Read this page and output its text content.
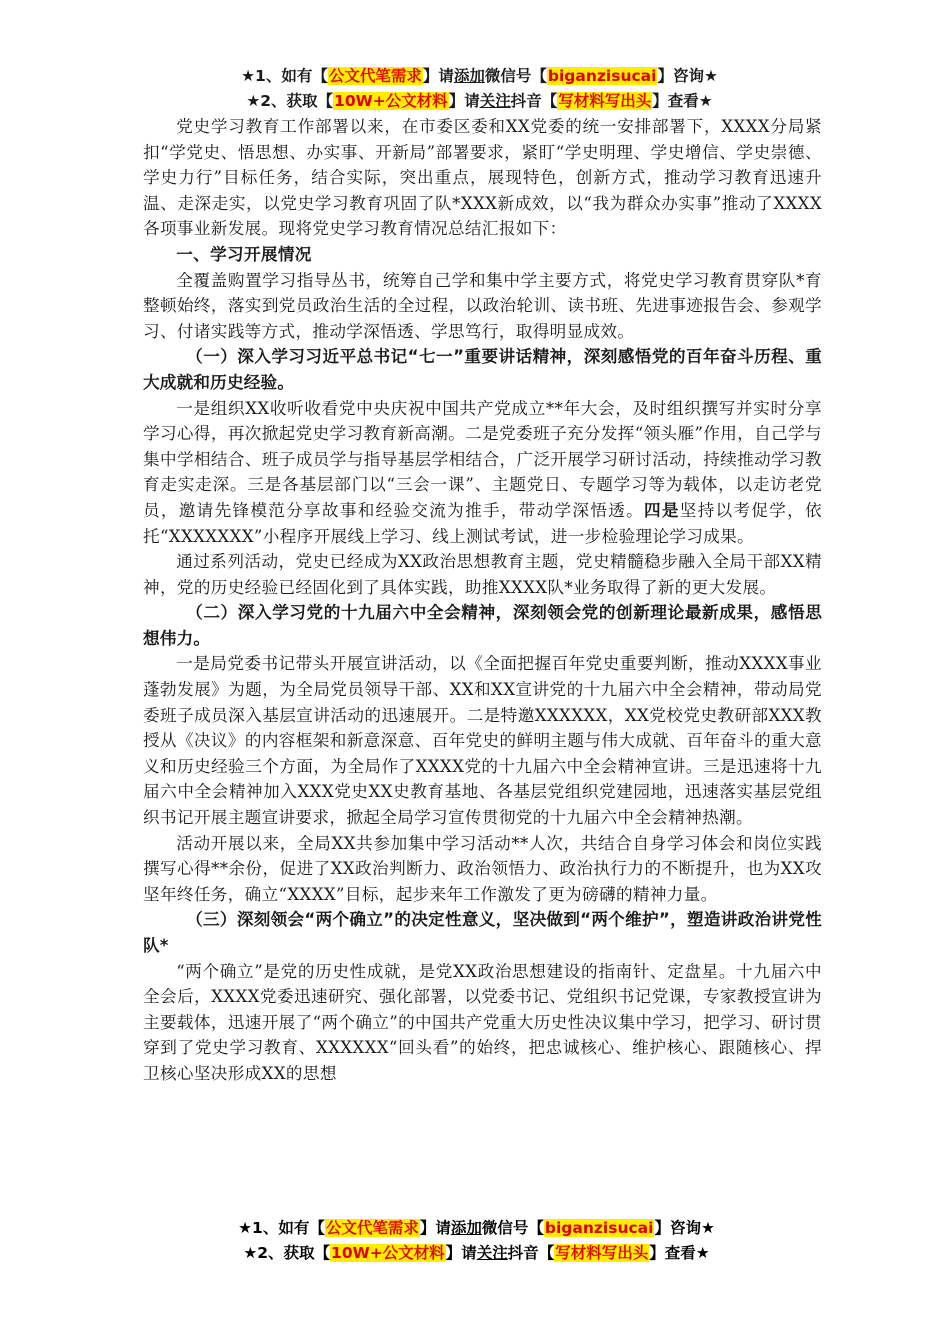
★1、如有【公文代笔需求】请添加微信号【biganzisucai】咨询★
★2、获取【10W+公文材料】请关注抖音【写材料写出头】查看★

党史学习教育工作部署以来，在市委区委和XX党委的统一安排部署下，XXXX分局紧扣“学党史、悟思想、办实事、开新局”部署要求，紧盯“学史明理、学史增信、学史崇德、学史力行”目标任务，结合实际，突出重点，展现特色，创新方式，推动学习教育迅速升温、走深走实，以党史学习教育巩固了队*XXX新成效，以“我为群众办实事”推动了XXXX各项事业新发展。现将党史学习教育情况总结汇报如下：

一、学习开展情况

全覆盖购置学习指导丛书，统筹自己学和集中学主要方式，将党史学习教育贯穿队*育整顿始终，落实到党员政治生活的全过程，以政治轮训、读书班、先进事迹报告会、参观学习、付诸实践等方式，推动学深悟透、学思笃行，取得明显成效。

（一）深入学习习近平总书记“七一”重要讲话精神，深刻感悟党的百年奋斗历程、重大成就和历史经验。

一是组织XX收听收看党中央庆祝中国共产党成立**年大会，及时组织撰写并实时分享学习心得，再次掀起党史学习教育新高潮。二是党委班子充分发挥“领头雁”作用，自己学与集中学相结合、班子成员学与指导基层学相结合，广泛开展学习研讨活动，持续推动学习教育走实走深。三是各基层部门以“三会一课”、主题党日、专题学习等为载体，以走访老党员，邀请先锋模范分享故事和经验交流为推手，带动学深悟透。四是坚持以考促学，依托“XXXXXXX”小程序开展线上学习、线上测试考试，进一步检验理论学习成果。

通过系列活动，党史已经成为XX政治思想教育主题，党史精髓稳步融入全局干部XX精神，党的历史经验已经固化到了具体实践，助推XXXX队*业务取得了新的更大发展。

（二）深入学习党的十九届六中全会精神，深刻领会党的创新理论最新成果，感悟思想伟力。

一是局党委书记带头开展宣讲活动，以《全面把握百年党史重要判断，推动XXXX事业蓬勃发展》为题，为全局党员领导干部、XX和XX宣讲党的十九届六中全会精神，带动局党委班子成员深入基层宣讲活动的迅速展开。二是特邀XXXXXX，XX党校党史教研部XXX教授从《决议》的内容框架和新意深意、百年党史的鲜明主题与伟大成就、百年奋斗的重大意义和历史经验三个方面，为全局作了XXXX党的十九届六中全会精神宣讲。三是迅速将十九届六中全会精神加入XXX党史XX史教育基地、各基层党组织党建园地，迅速落实基层党组织书记开展主题宣讲要求，掀起全局学习宣传贯彻党的十九届六中全会精神热潮。

活动开展以来，全局XX共参加集中学习活动**人次，共结合自身学习体会和岗位实践撰写心得**余份，促进了XX政治判断力、政治领悟力、政治执行力的不断提升，也为XX攻坚年终任务，确立“XXXX”目标，起步来年工作激发了更为磅礴的精神力量。

（三）深刻领会“两个确立”的决定性意义，坚决做到“两个维护”，塑造讲政治讲党性队*

“两个确立”是党的历史性成就，是党XX政治思想建设的指南针、定盘星。十九届六中全会后，XXXX党委迅速研究、强化部署，以党委书记、党组织书记党课，专家教授宣讲为主要载体，迅速开展了“两个确立”的中国共产党重大历史性决议集中学习，把学习、研讨贯穿到了党史学习教育、XXXXXX“回头看”的始终，把忠诚核心、维护核心、跟随核心、捍卫核心坚决形成XX的思想

★1、如有【公文代笔需求】请添加微信号【biganzisucai】咨询★
★2、获取【10W+公文材料】请关注抖音【写材料写出头】查看★
